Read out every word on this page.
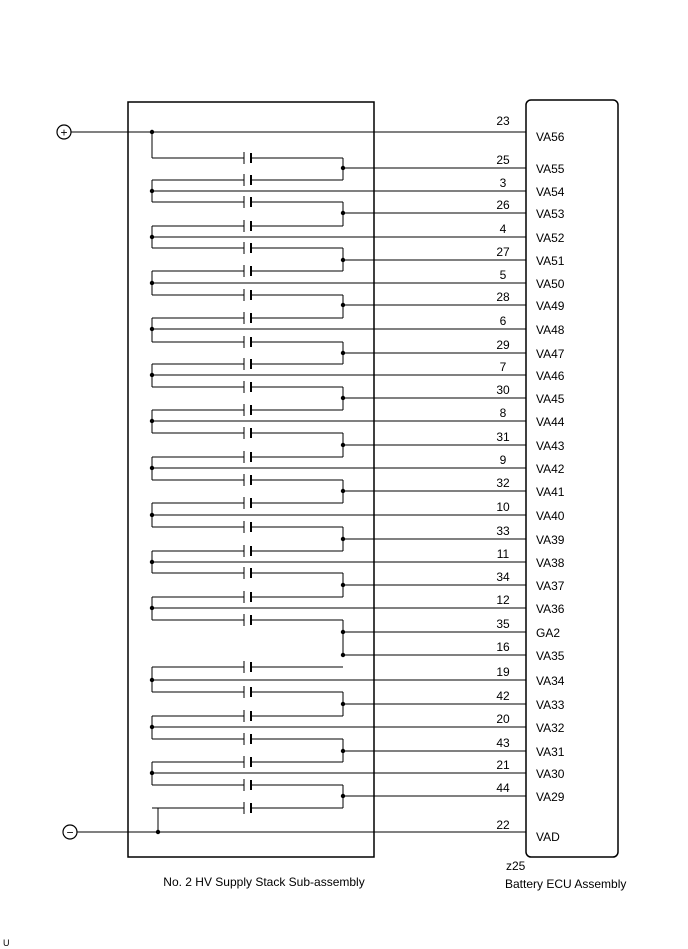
25
VA55
3
VA54
26
VA53
4
VA52
27
VA51
5
VA50
28
VA49
6
VA48
29
VA47
7
VA46
30
VA45
8
VA44
31
VA43
9
VA42
32
VA41
10
VA40
33
VA39
11
VA38
34
VA37
12
VA36
35
GA2
16
VA35
19
VA34
42
VA33
20
VA32
43
VA31
21
VA30
44
VA29
+
−
23
VA56
22
VAD
No. 2 HV Supply Stack Sub-assembly
z25
Battery ECU Assembly
U
